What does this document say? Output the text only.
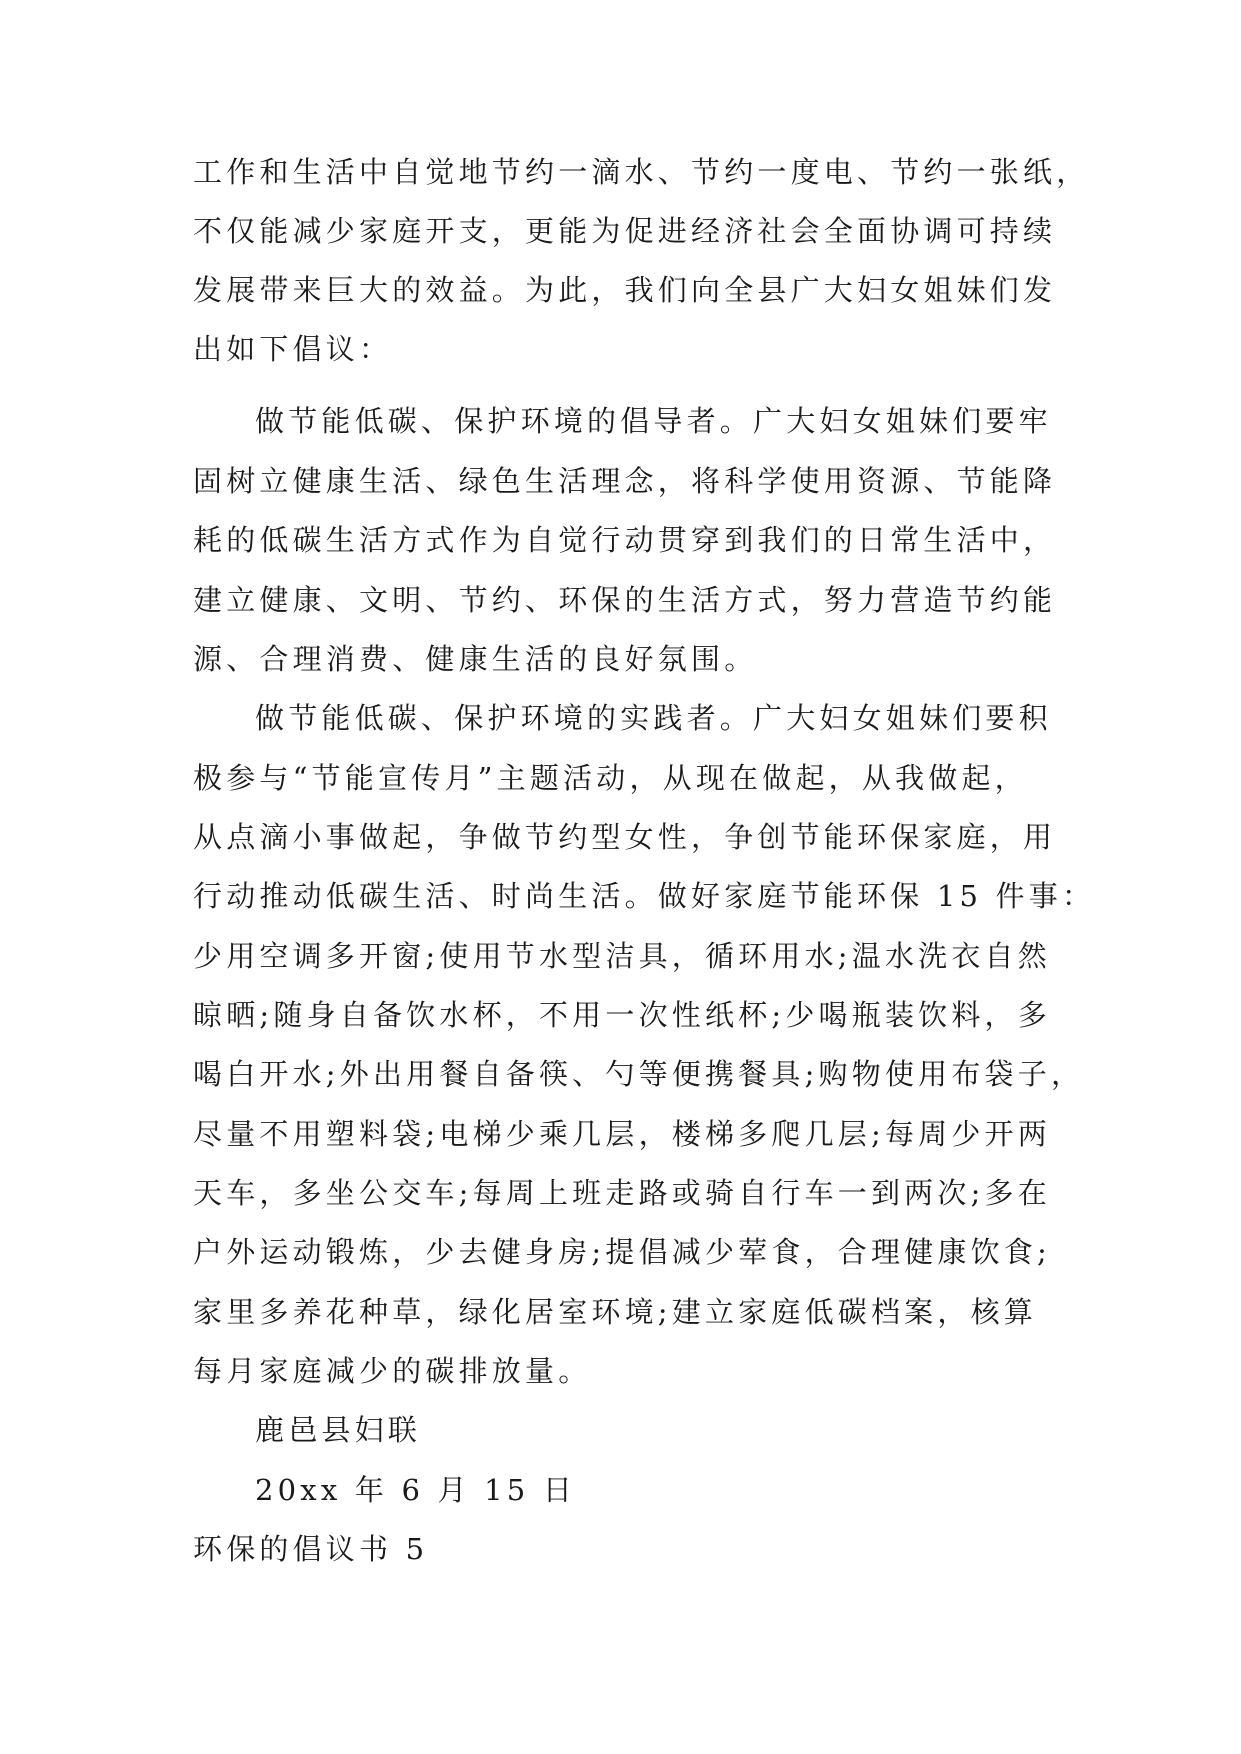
工作和生活中自觉地节约一滴水、节约一度电、节约一张纸，
不仅能减少家庭开支，更能为促进经济社会全面协调可持续
发展带来巨大的效益。为此，我们向全县广大妇女姐妹们发
出如下倡议：
做节能低碳、保护环境的倡导者。广大妇女姐妹们要牢
固树立健康生活、绿色生活理念，将科学使用资源、节能降
耗的低碳生活方式作为自觉行动贯穿到我们的日常生活中，
建立健康、文明、节约、环保的生活方式，努力营造节约能
源、合理消费、健康生活的良好氛围。
做节能低碳、保护环境的实践者。广大妇女姐妹们要积
极参与“节能宣传月”主题活动，从现在做起，从我做起，
从点滴小事做起，争做节约型女性，争创节能环保家庭，用
行动推动低碳生活、时尚生活。做好家庭节能环保 15 件事：
少用空调多开窗;使用节水型洁具，循环用水;温水洗衣自然
晾晒;随身自备饮水杯，不用一次性纸杯;少喝瓶装饮料，多
喝白开水;外出用餐自备筷、勺等便携餐具;购物使用布袋子，
尽量不用塑料袋;电梯少乘几层，楼梯多爬几层;每周少开两
天车，多坐公交车;每周上班走路或骑自行车一到两次;多在
户外运动锻炼，少去健身房;提倡减少荤食，合理健康饮食;
家里多养花种草，绿化居室环境;建立家庭低碳档案，核算
每月家庭减少的碳排放量。
鹿邑县妇联
20xx 年 6 月 15 日
环保的倡议书 5
